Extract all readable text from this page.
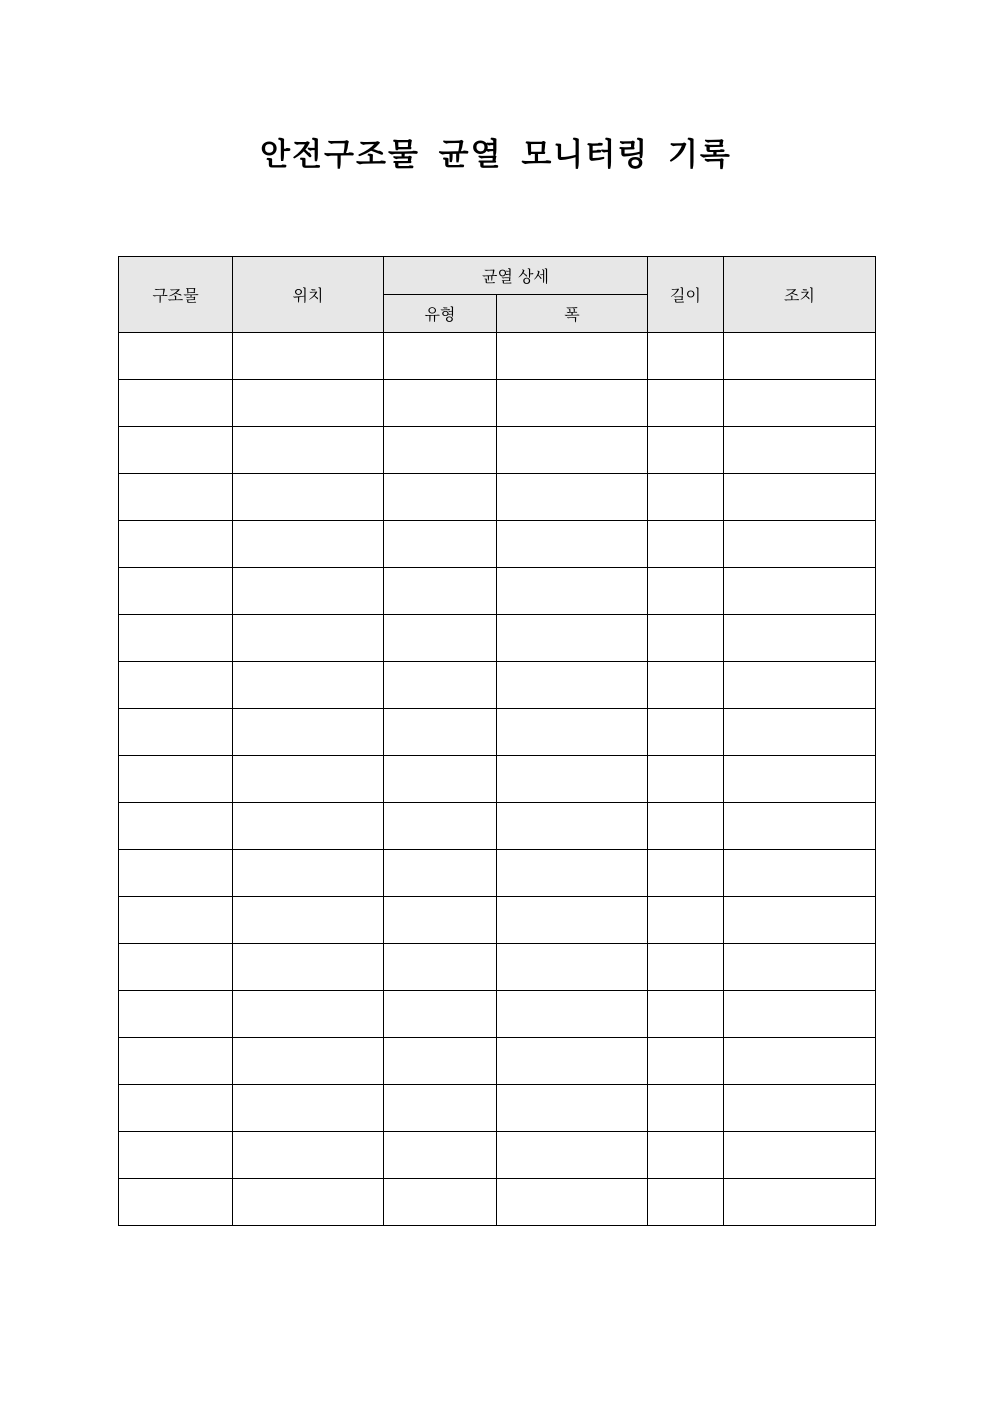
안전구조물 균열 모니터링 기록
구조물	위치	균열 상세		길이	조치
		유형	폭		
